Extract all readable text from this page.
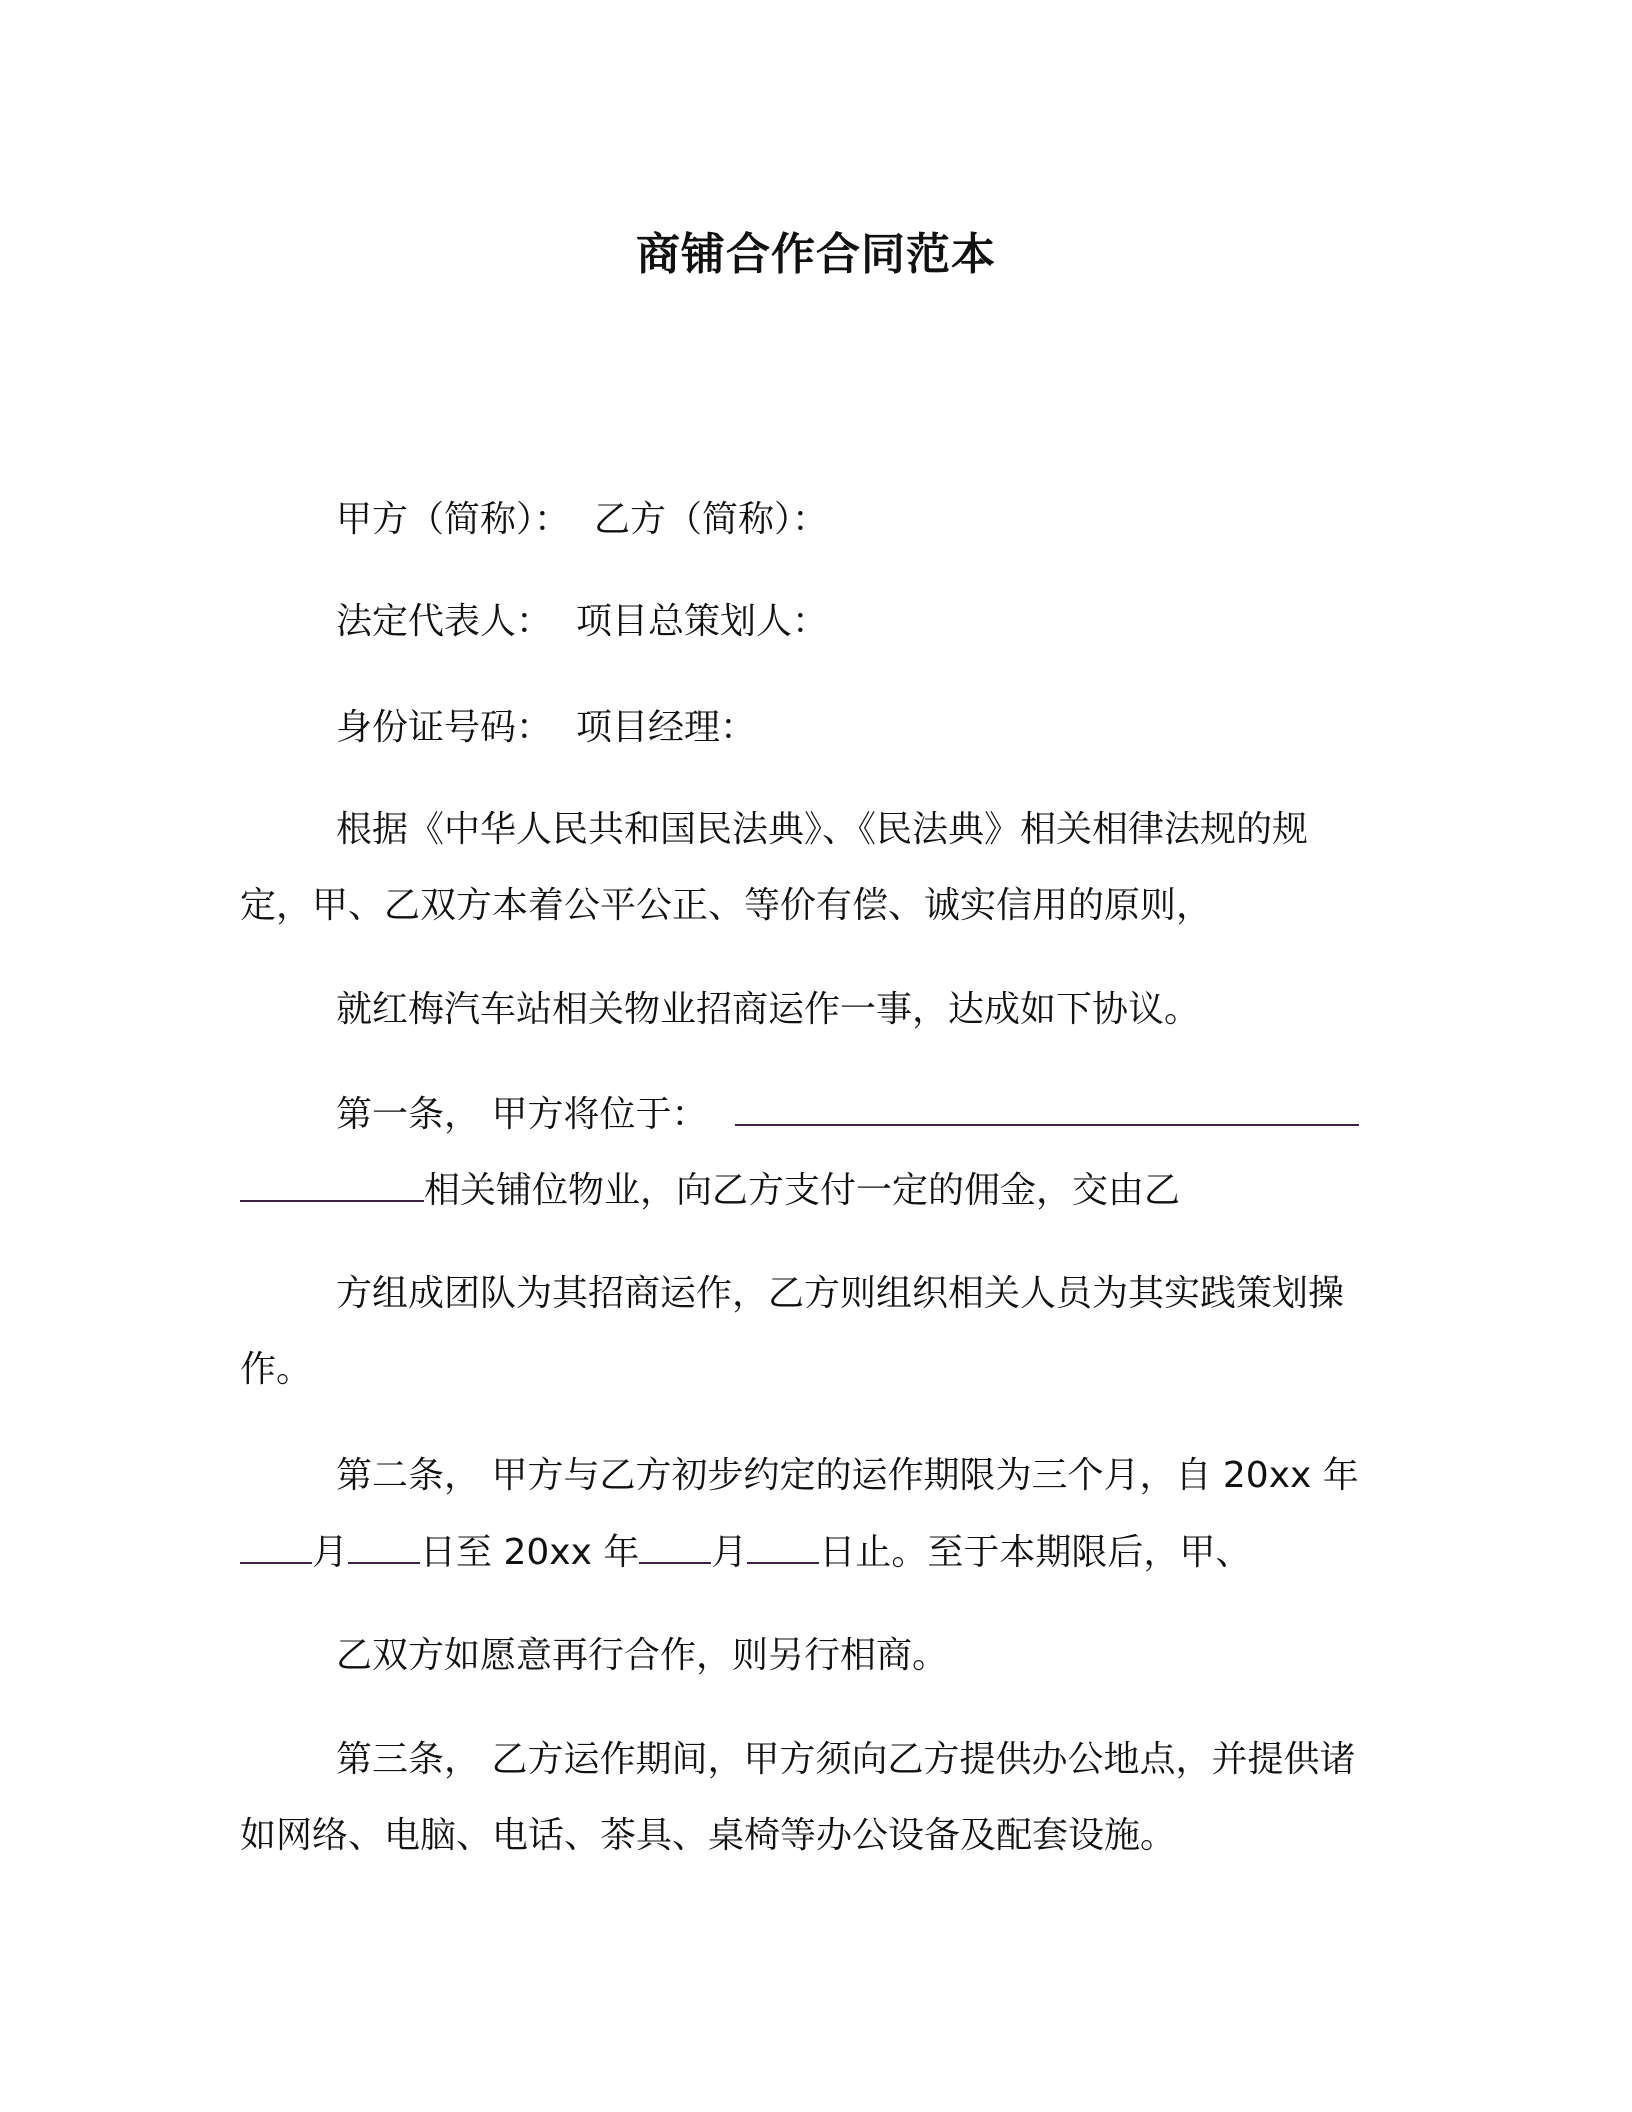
商铺合作合同范本
甲方（简称）： 乙方（简称）：
法定代表人： 项目总策划人：
身份证号码： 项目经理：
根据《中华人民共和国民法典》、《民法典》相关相律法规的规
定，甲、乙双方本着公平公正、等价有偿、诚实信用的原则，
就红梅汽车站相关物业招商运作一事，达成如下协议。
第一条， 甲方将位于：
相关铺位物业，向乙方支付一定的佣金，交由乙
方组成团队为其招商运作，乙方则组织相关人员为其实践策划操
作。
第二条， 甲方与乙方初步约定的运作期限为三个月，自 20xx 年
月 日至 20xx 年 月 日止。至于本期限后，甲、
乙双方如愿意再行合作，则另行相商。
第三条， 乙方运作期间，甲方须向乙方提供办公地点，并提供诸
如网络、电脑、电话、茶具、桌椅等办公设备及配套设施。
